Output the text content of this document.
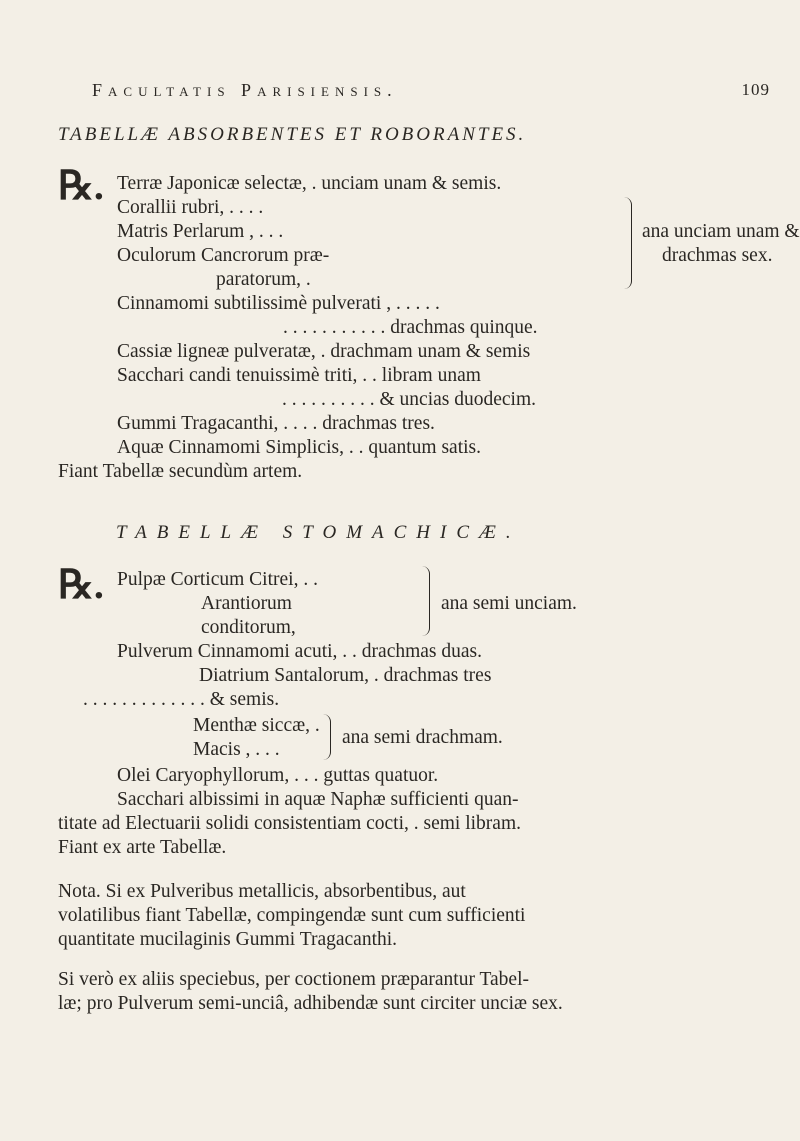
Facultatis Parisiensis.	109
TABELLÆ ABSORBENTES ET ROBORANTES.
℞. Terræ Japonicæ selectæ, . unciam unam & semis.
Corallii rubri, . . . .
Matris Perlarum , . . .
Oculorum Cancrorum præ-
paratorum, .
ana unciam unam &
drachmas sex.
Cinnamomi subtilissimè pulverati , . . . . .
. . . . . . . . . . . drachmas quinque.
Cassiæ ligneæ pulveratæ, . drachmam unam & semis
Sacchari candi tenuissimè triti, . . libram unam
. . . . . . . . . . & uncias duodecim.
Gummi Tragacanthi, . . . . drachmas tres.
Aquæ Cinnamomi Simplicis, . . quantum satis.
Fiant Tabellæ secundùm artem.
TABELLÆ STOMACHICÆ.
℞. Pulpæ Corticum Citrei, . .
Arantiorum
conditorum,
ana semi unciam.
Pulverum Cinnamomi acuti, . . drachmas duas.
Diatrium Santalorum, . drachmas tres
. . . . . . . . . . . . . & semis.
Menthæ siccæ, .
Macis , . . .
ana semi drachmam.
Olei Caryophyllorum, . . . guttas quatuor.
Sacchari albissimi in aquæ Naphæ sufficienti quan-
titate ad Electuarii solidi consistentiam cocti, . semi libram.
Fiant ex arte Tabellæ.
Nota. Si ex Pulveribus metallicis, absorbentibus, aut
volatilibus fiant Tabellæ, compingendæ sunt cum sufficienti
quantitate mucilaginis Gummi Tragacanthi.
Si verò ex aliis speciebus, per coctionem præparantur Tabel-
læ; pro Pulverum semi-unciâ, adhibendæ sunt circiter unciæ sex.
